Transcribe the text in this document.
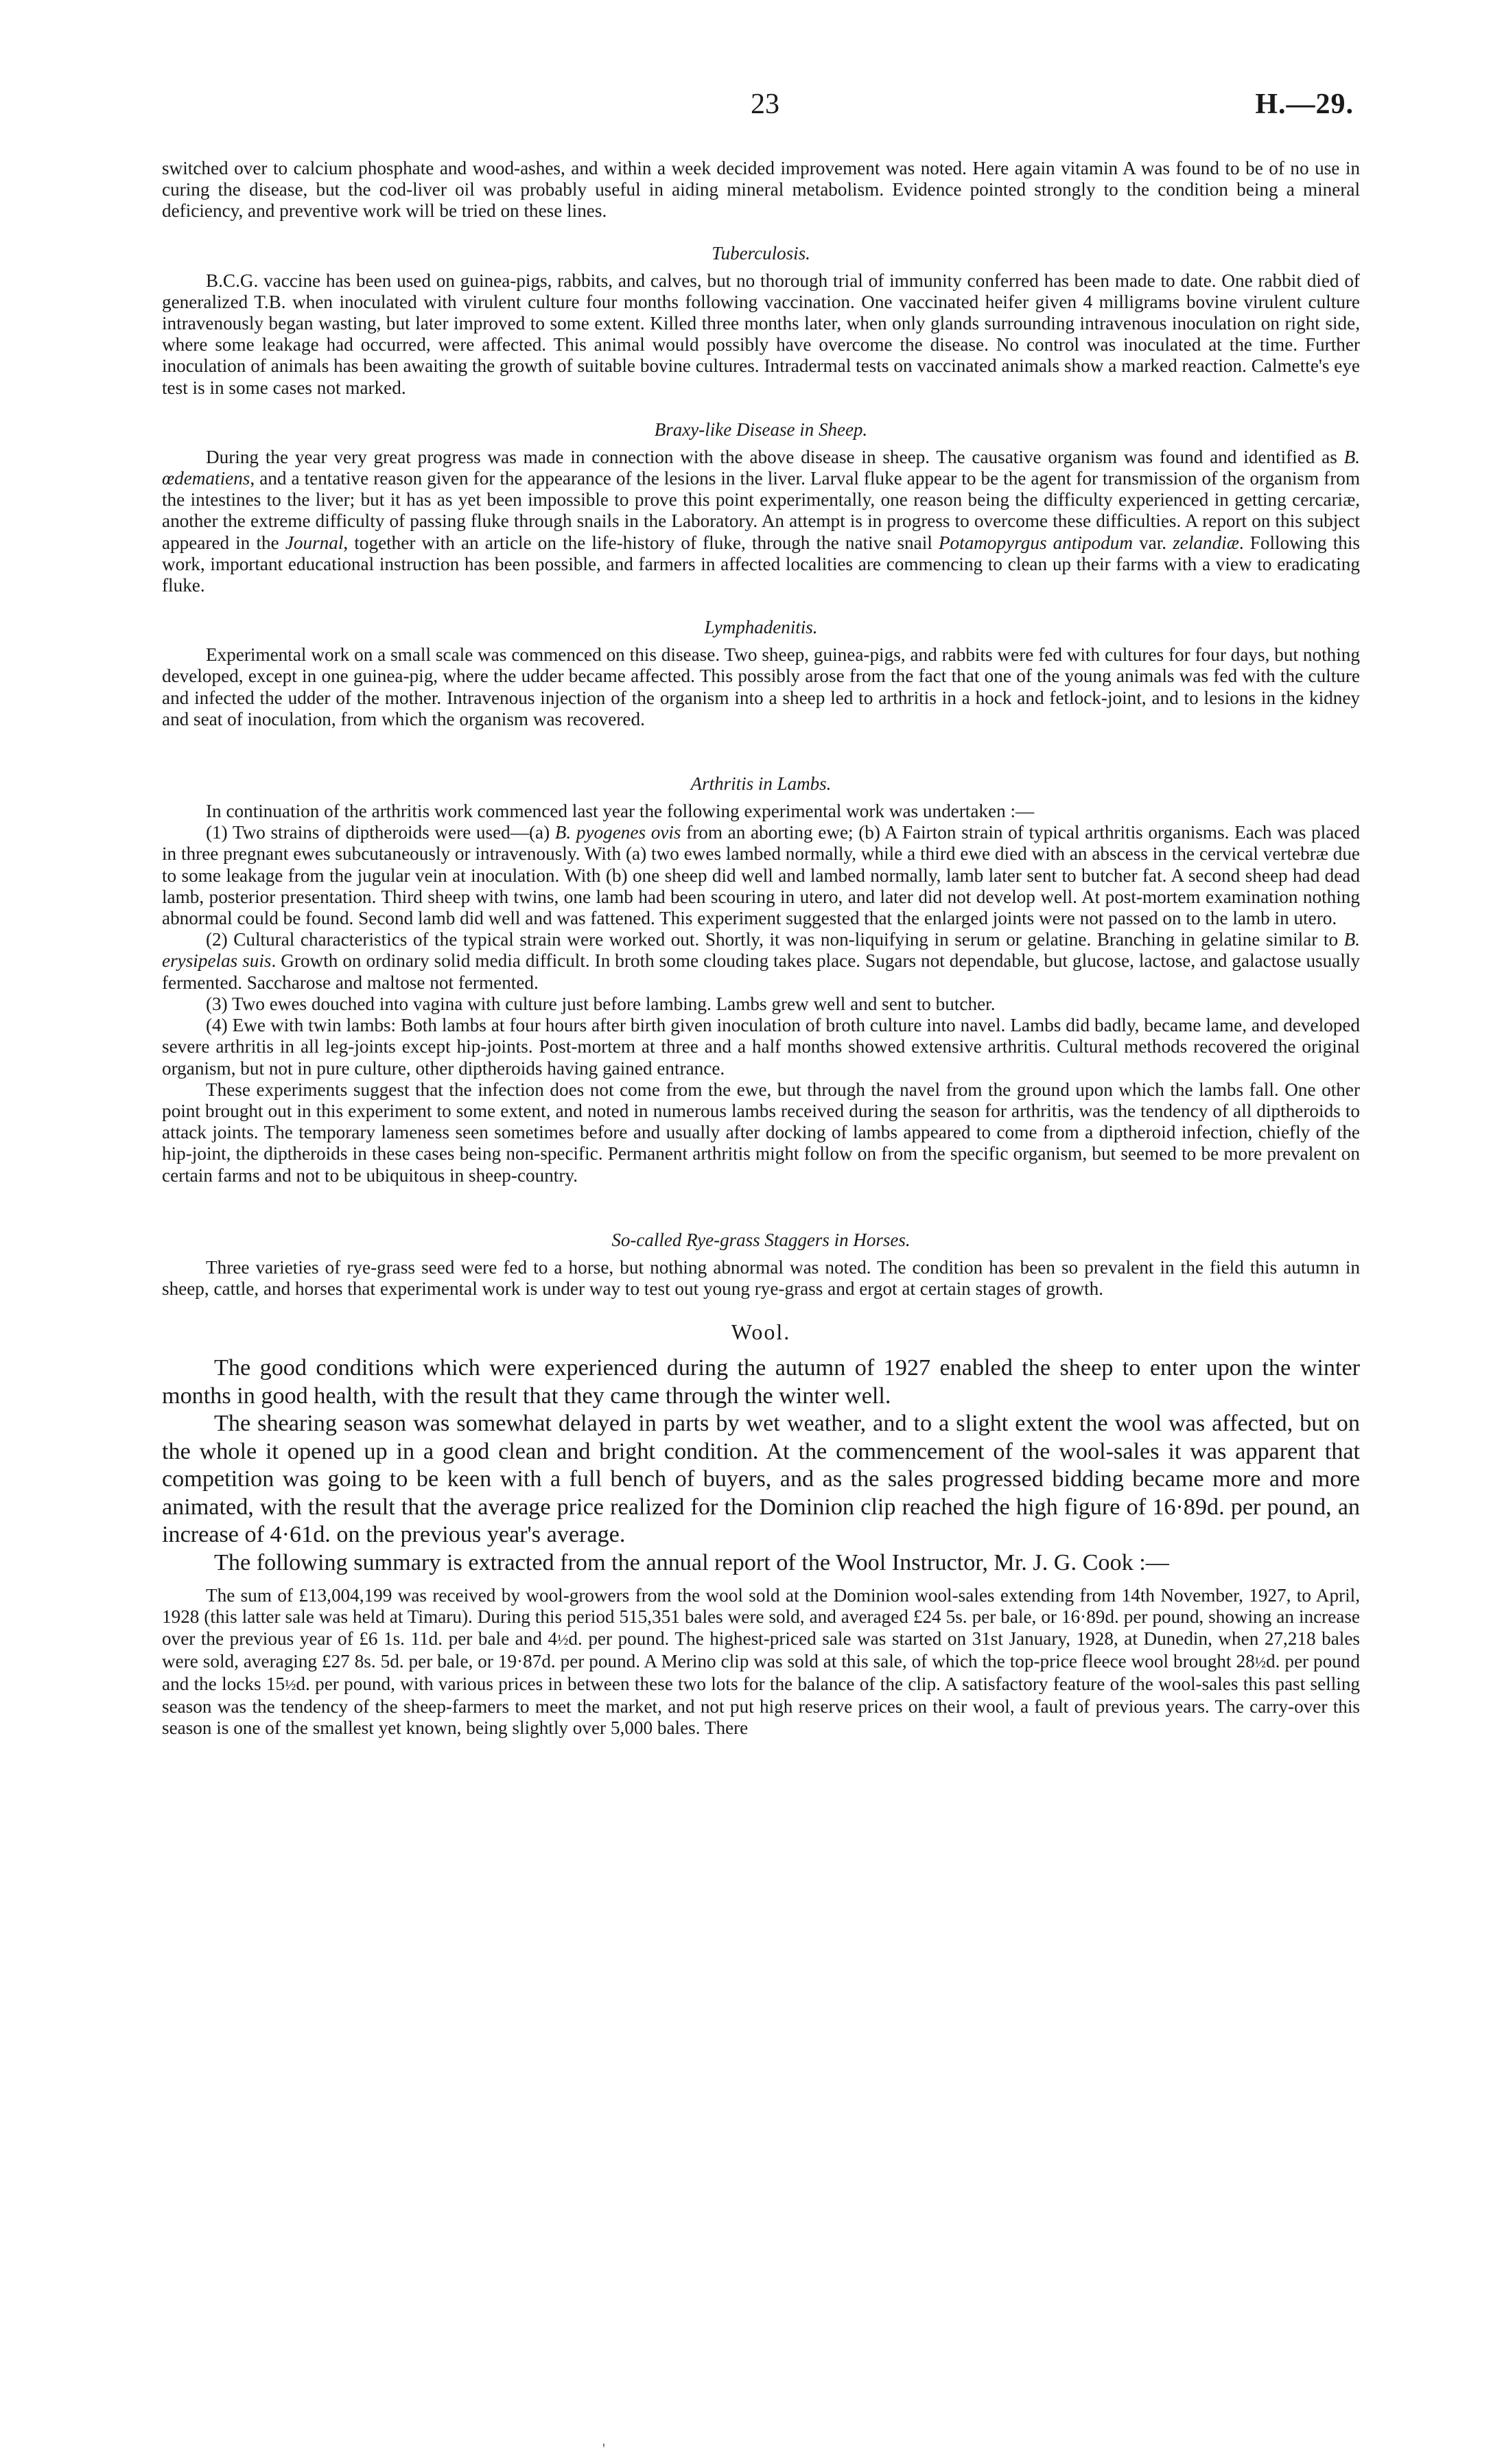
23	H.—29.

switched over to calcium phosphate and wood-ashes, and within a week decided improvement was noted. Here again vitamin A was found to be of no use in curing the disease, but the cod-liver oil was probably useful in aiding mineral metabolism. Evidence pointed strongly to the condition being a mineral deficiency, and preventive work will be tried on these lines.

Tuberculosis.

B.C.G. vaccine has been used on guinea-pigs, rabbits, and calves, but no thorough trial of immunity conferred has been made to date. One rabbit died of generalized T.B. when inoculated with virulent culture four months following vaccination. One vaccinated heifer given 4 milligrams bovine virulent culture intravenously began wasting, but later improved to some extent. Killed three months later, when only glands surrounding intravenous inoculation on right side, where some leakage had occurred, were affected. This animal would possibly have overcome the disease. No control was inoculated at the time. Further inoculation of animals has been awaiting the growth of suitable bovine cultures. Intradermal tests on vaccinated animals show a marked reaction. Calmette's eye test is in some cases not marked.

Braxy-like Disease in Sheep.

During the year very great progress was made in connection with the above disease in sheep. The causative organism was found and identified as B. œdematiens, and a tentative reason given for the appearance of the lesions in the liver. Larval fluke appear to be the agent for transmission of the organism from the intestines to the liver; but it has as yet been impossible to prove this point experimentally, one reason being the difficulty experienced in getting cercariæ, another the extreme difficulty of passing fluke through snails in the Laboratory. An attempt is in progress to overcome these difficulties. A report on this subject appeared in the Journal, together with an article on the life-history of fluke, through the native snail Potamopyrgus antipodum var. zelandiæ. Following this work, important educational instruction has been possible, and farmers in affected localities are commencing to clean up their farms with a view to eradicating fluke.

Lymphadenitis.

Experimental work on a small scale was commenced on this disease. Two sheep, guinea-pigs, and rabbits were fed with cultures for four days, but nothing developed, except in one guinea-pig, where the udder became affected. This possibly arose from the fact that one of the young animals was fed with the culture and infected the udder of the mother. Intravenous injection of the organism into a sheep led to arthritis in a hock and fetlock-joint, and to lesions in the kidney and seat of inoculation, from which the organism was recovered.

Arthritis in Lambs.

In continuation of the arthritis work commenced last year the following experimental work was undertaken :—

(1) Two strains of diptheroids were used—(a) B. pyogenes ovis from an aborting ewe; (b) A Fairton strain of typical arthritis organisms. Each was placed in three pregnant ewes subcutaneously or intravenously. With (a) two ewes lambed normally, while a third ewe died with an abscess in the cervical vertebræ due to some leakage from the jugular vein at inoculation. With (b) one sheep did well and lambed normally, lamb later sent to butcher fat. A second sheep had dead lamb, posterior presentation. Third sheep with twins, one lamb had been scouring in utero, and later did not develop well. At post-mortem examination nothing abnormal could be found. Second lamb did well and was fattened. This experiment suggested that the enlarged joints were not passed on to the lamb in utero.

(2) Cultural characteristics of the typical strain were worked out. Shortly, it was non-liquifying in serum or gelatine. Branching in gelatine similar to B. erysipelas suis. Growth on ordinary solid media difficult. In broth some clouding takes place. Sugars not dependable, but glucose, lactose, and galactose usually fermented. Saccharose and maltose not fermented.

(3) Two ewes douched into vagina with culture just before lambing. Lambs grew well and sent to butcher.

(4) Ewe with twin lambs: Both lambs at four hours after birth given inoculation of broth culture into navel. Lambs did badly, became lame, and developed severe arthritis in all leg-joints except hip-joints. Post-mortem at three and a half months showed extensive arthritis. Cultural methods recovered the original organism, but not in pure culture, other diptheroids having gained entrance.

These experiments suggest that the infection does not come from the ewe, but through the navel from the ground upon which the lambs fall. One other point brought out in this experiment to some extent, and noted in numerous lambs received during the season for arthritis, was the tendency of all diptheroids to attack joints. The temporary lameness seen sometimes before and usually after docking of lambs appeared to come from a diptheroid infection, chiefly of the hip-joint, the diptheroids in these cases being non-specific. Permanent arthritis might follow on from the specific organism, but seemed to be more prevalent on certain farms and not to be ubiquitous in sheep-country.

So-called Rye-grass Staggers in Horses.

Three varieties of rye-grass seed were fed to a horse, but nothing abnormal was noted. The condition has been so prevalent in the field this autumn in sheep, cattle, and horses that experimental work is under way to test out young rye-grass and ergot at certain stages of growth.

Wool.

The good conditions which were experienced during the autumn of 1927 enabled the sheep to enter upon the winter months in good health, with the result that they came through the winter well.

The shearing season was somewhat delayed in parts by wet weather, and to a slight extent the wool was affected, but on the whole it opened up in a good clean and bright condition. At the commencement of the wool-sales it was apparent that competition was going to be keen with a full bench of buyers, and as the sales progressed bidding became more and more animated, with the result that the average price realized for the Dominion clip reached the high figure of 16·89d. per pound, an increase of 4·61d. on the previous year's average.

The following summary is extracted from the annual report of the Wool Instructor, Mr. J. G. Cook :—

The sum of £13,004,199 was received by wool-growers from the wool sold at the Dominion wool-sales extending from 14th November, 1927, to April, 1928 (this latter sale was held at Timaru). During this period 515,351 bales were sold, and averaged £24 5s. per bale, or 16·89d. per pound, showing an increase over the previous year of £6 1s. 11d. per bale and 4½d. per pound. The highest-priced sale was started on 31st January, 1928, at Dunedin, when 27,218 bales were sold, averaging £27 8s. 5d. per bale, or 19·87d. per pound. A Merino clip was sold at this sale, of which the top-price fleece wool brought 28½d. per pound and the locks 15½d. per pound, with various prices in between these two lots for the balance of the clip. A satisfactory feature of the wool-sales this past selling season was the tendency of the sheep-farmers to meet the market, and not put high reserve prices on their wool, a fault of previous years. The carry-over this season is one of the smallest yet known, being slightly over 5,000 bales. There

'
